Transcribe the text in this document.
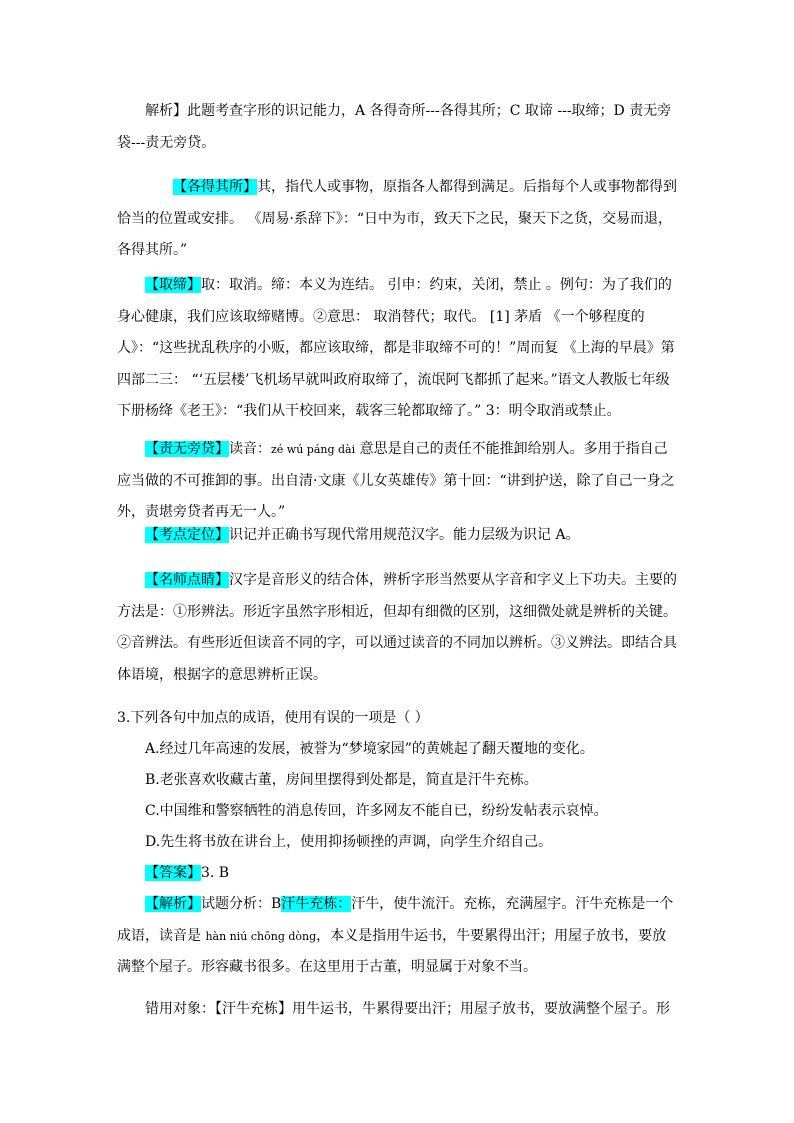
解析】此题考查字形的识记能力，A 各得奇所---各得其所；C 取谛 ---取缔；D 责无旁袋---责无旁贷。
【各得其所】其，指代人或事物，原指各人都得到满足。后指每个人或事物都得到恰当的位置或安排。 《周易·系辞下》：“日中为市，致天下之民，聚天下之货，交易而退，各得其所。”
【取缔】取：取消。缔：本义为连结。 引申：约束，关闭，禁止 。例句：为了我们的身心健康，我们应该取缔赌博。②意思： 取消替代；取代。 [1] 茅盾 《一个够程度的人》：“这些扰乱秩序的小贩，都应该取缔，都是非取缔不可的！”周而复 《上海的早晨》第四部二三： “‘五层楼’飞机场早就叫政府取缔了，流氓阿飞都抓了起来。”语文人教版七年级下册杨绛《老王》：“我们从干校回来，载客三轮都取缔了。” 3：明令取消或禁止。
【责无旁贷】读音：zé wú páng dài 意思是自己的责任不能推卸给别人。多用于指自己应当做的不可推卸的事。出自清·文康《儿女英雄传》第十回：“讲到护送，除了自己一身之外，责堪旁贷者再无一人。”
【考点定位】识记并正确书写现代常用规范汉字。能力层级为识记 A。
【名师点睛】汉字是音形义的结合体，辨析字形当然要从字音和字义上下功夫。主要的方法是：①形辨法。形近字虽然字形相近，但却有细微的区别，这细微处就是辨析的关键。②音辨法。有些形近但读音不同的字，可以通过读音的不同加以辨析。③义辨法。即结合具体语境，根据字的意思辨析正误。
3.下列各句中加点的成语，使用有误的一项是（ ）
A.经过几年高速的发展，被誉为“梦境家园”的黄姚起了翻天覆地的变化。
B.老张喜欢收藏古董，房间里摆得到处都是，简直是汗牛充栋。
C.中国维和警察牺牲的消息传回，许多网友不能自已，纷纷发帖表示哀悼。
D.先生将书放在讲台上，使用抑扬顿挫的声调，向学生介绍自己。
【答案】3. B
【解析】试题分析：B汗牛充栋：汗牛，使牛流汗。充栋，充满屋宇。汗牛充栋是一个成语，读音是 hàn niú chōng dòng，本义是指用牛运书，牛要累得出汗；用屋子放书，要放满整个屋子。形容藏书很多。在这里用于古董，明显属于对象不当。
错用对象：【汗牛充栋】用牛运书，牛累得要出汗；用屋子放书，要放满整个屋子。形
